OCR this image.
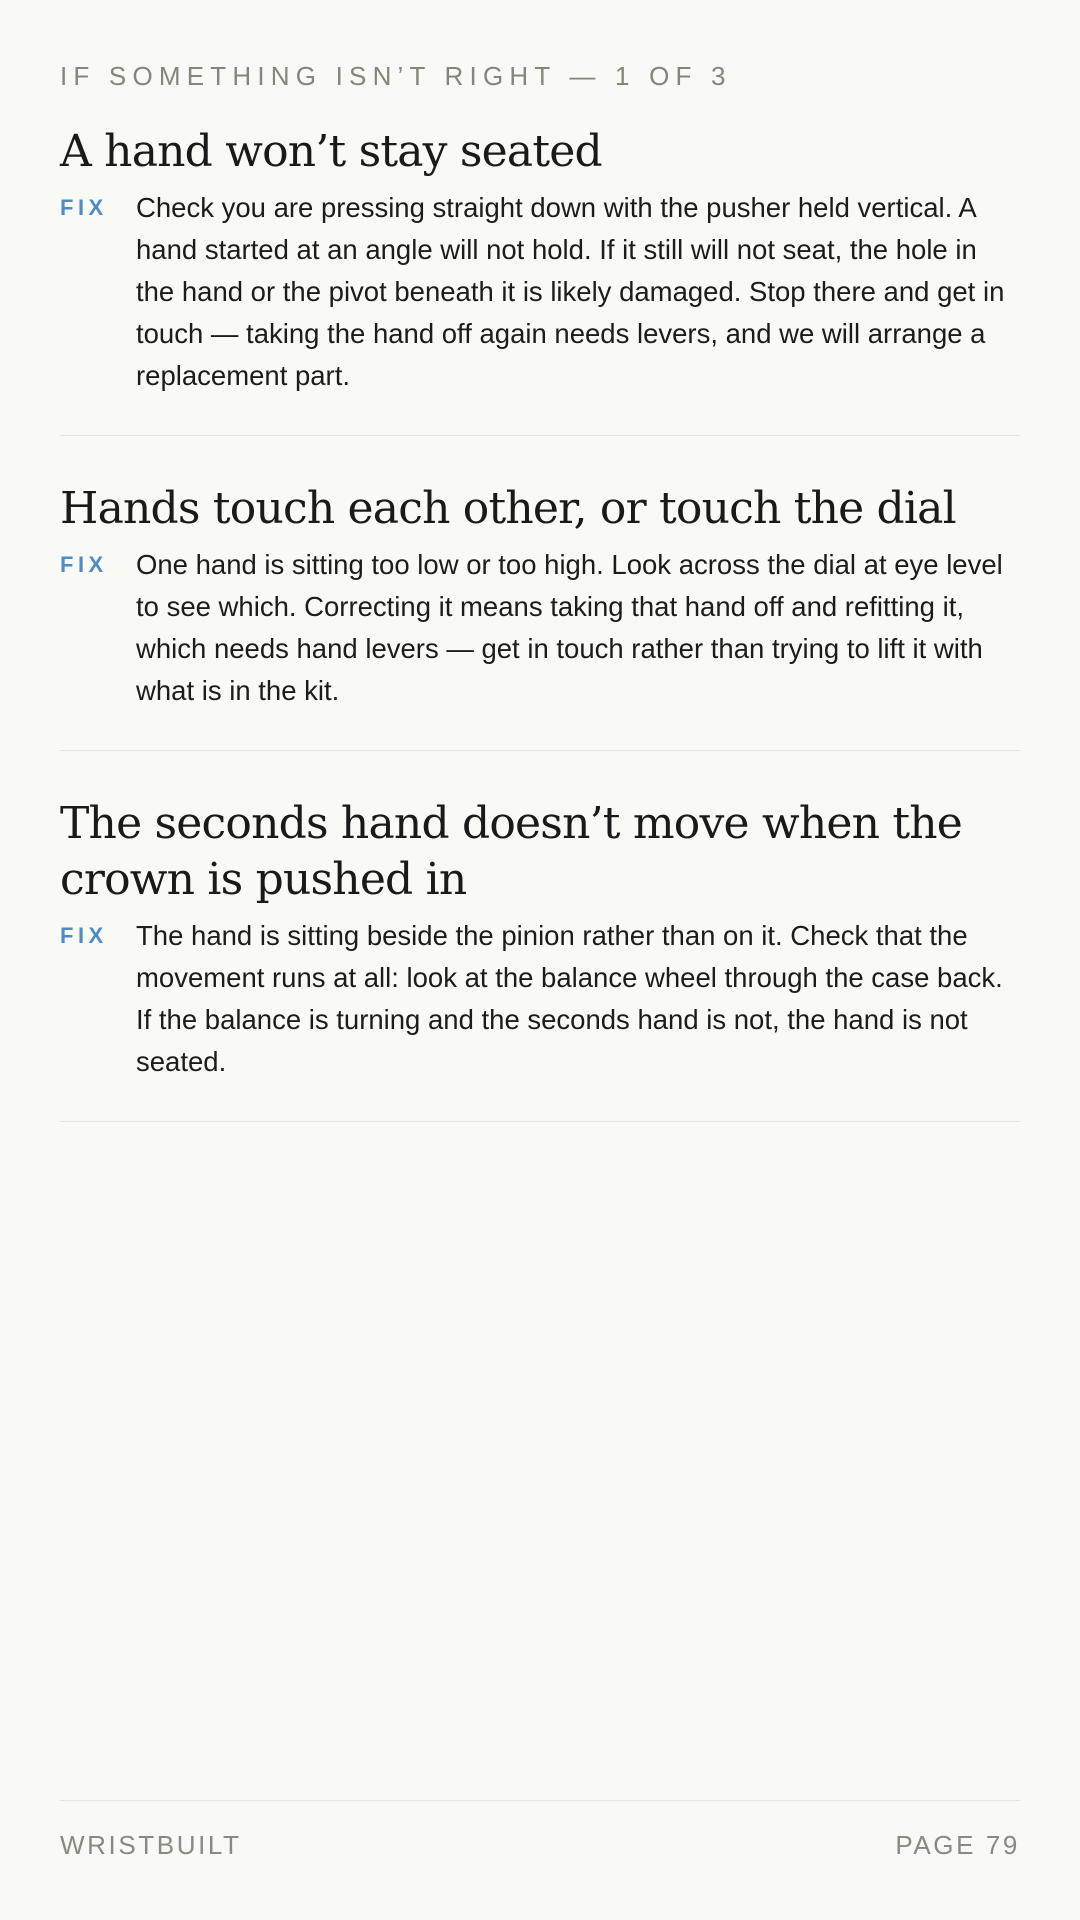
IF SOMETHING ISN’T RIGHT — 1 OF 3
A hand won’t stay seated
FIX	Check you are pressing straight down with the pusher held vertical. A hand started at an angle will not hold. If it still will not seat, the hole in the hand or the pivot beneath it is likely damaged. Stop there and get in touch — taking the hand off again needs levers, and we will arrange a replacement part.

Hands touch each other, or touch the dial
FIX	One hand is sitting too low or too high. Look across the dial at eye level to see which. Correcting it means taking that hand off and refitting it, which needs hand levers — get in touch rather than trying to lift it with what is in the kit.

The seconds hand doesn’t move when the crown is pushed in
FIX	The hand is sitting beside the pinion rather than on it. Check that the movement runs at all: look at the balance wheel through the case back. If the balance is turning and the seconds hand is not, the hand is not seated.

WRISTBUILT	PAGE 79
